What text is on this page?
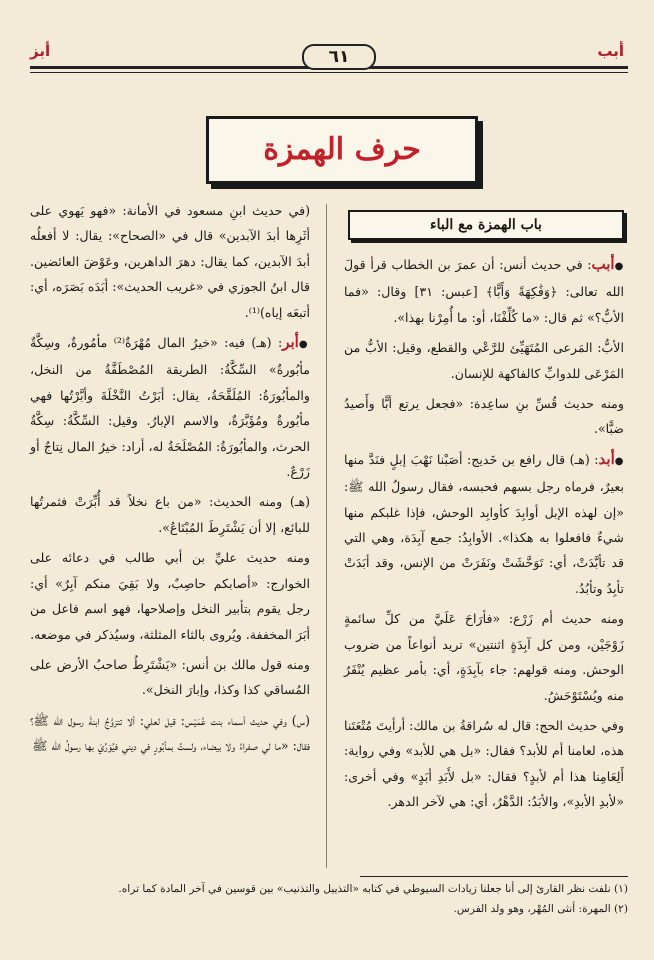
أبب
أبز	٦١
حرف الهمزة
باب الهمزة مع الباء

●أبب: في حديث أنس: أن عمرَ بن الخطاب قرأ قولَ الله تعالى: ﴿وَفَٰكِهَةً وَأَبًّا﴾ [عبس: ٣١] وقال: «فما الأبُّ؟» ثم قال: «ما كُلِّفْنَا، أو: ما أُمِرْنا بهذا».

الأبُّ: المَرعى المُتَهَيِّئ للرَّعْي والقطع، وقيل: الأبُّ من المَرْعَى للدوابِّ كالفاكهة للإنسان.

ومنه حديث قُسِّ بنِ ساعِدة: «فجعل يرتع أبًّا وأَصيدُ ضبًّا».

●أبد: (هـ) قال رافع بن خَديج: أصَبْنا نَهْبَ إبلٍ فنَدَّ منها بعيرٌ، فرماه رجل بسهم فحبسه، فقال رسولُ الله ﷺ: «إن لهذه الإبل أوابِدَ كأوابِد الوحش، فإذا غلبكم منها شيءٌ فافعلوا به هكذا». الأوابِدُ: جمع آبِدَة، وهي التي قد تأبَّدَتْ، أي: تَوَحَّشَتْ ونَفَرَتْ من الإنس، وقد أبَدَتْ تأبِدُ وتأبُدُ.

ومنه حديث أم زَرْع: «فأرَاحَ عَلَيَّ من كلِّ سائمةٍ زَوْجَيْن، ومن كل آبِدَةٍ اثنتين» تريد أنواعاً من ضروب الوحش. ومنه قولهم: جاء بآبِدَةٍ، أي: بأمر عظيم يُنْفَرُ منه ويُسْتَوْحَشُ.

وفي حديث الحج: قال له سُراقةُ بن مالك: أرأيتَ مُتْعَتَنا هذه، لعامنا أم للأبد؟ فقال: «بل هي للأبد» وفي رواية: أَلِعَامِنا هذا أم لأبدٍ؟ فقال: «بل لأَبَدِ أبَدٍ» وفي أخرى: «لأبدِ الأبدِ»، والأبَدُ: الدَّهْرُ، أي: هي لآخر الدهر.

(في حديث ابنِ مسعود في الأمانة: «فهو يَهوي على أثَرِها أبدَ الآبدين» قال في «الصحاح»: يقال: لا أفعلُه أبدَ الآبدين، كما يقال: دهرَ الداهرين، وعَوْضَ العائضين. قال ابنُ الجوزي في «غريب الحديث»: أبَدَه بَصَرَه، أي: أتبعَه إياه)⁽¹⁾.

●أبر: (هـ) فيه: «خيرُ المال مُهْرَةٌ⁽²⁾ مأمُورةٌ، وسِكَّةٌ مأبُورةٌ» السِّكَّةُ: الطريقة المُصْطَفَّةُ من النخل، والمأبُورَةُ: المُلَقَّحَةُ، يقال: أبَرْتُ النَّخْلَةَ وأبَّرْتُها فهي مأبُورةٌ ومُؤَبَّرَةٌ، والاسم الإبارُ. وقيل: السِّكَّةُ: سِكَّةُ الحرث، والمأبُورَةُ: المُصْلَحَةُ له، أراد: خيرُ المال نِتاجٌ أو زَرْعٌ.

(هـ) ومنه الحديث: «من باع نخلاً قد أُبِّرَتْ فثمرتُها للبائع، إلا أن يَشْتَرِطَ المُبْتَاعُ».

ومنه حديث عليِّ بن أبي طالب في دعائه على الخوارج: «أصابكم حاصِبٌ، ولا بَقِيَ منكم آبِرٌ» أي: رجل يقوم بتأبير النخل وإصلاحها، فهو اسم فاعل من أبَرَ المخففة. ويُروى بالثاء المثلثة، وسيُذكر في موضعه.

ومنه قول مالك بن أنس: «يَشْتَرِطُ صاحبُ الأرض على المُساقي كذا وكذا، وإبارَ النخل».

(س) وفي حديث أسماء بنت عُمَيْس: قيل لعلي: ألا تتزوَّجُ ابنةَ رسول الله ﷺ؟ فقال: «ما لي صفراءُ ولا بيضاء، ولستُ بمأبُورٍ في ديني فيُوَرِّيَ بها رسولُ الله ﷺ

(١) نلفت نظر القارئ إلى أنا جعلنا زيادات السيوطي في كتابه «التذييل والتذنيب» بين قوسين في آخر المادة كما تراه.
(٢) المهرة: أنثى المُهْر، وهو ولد الفرس.
